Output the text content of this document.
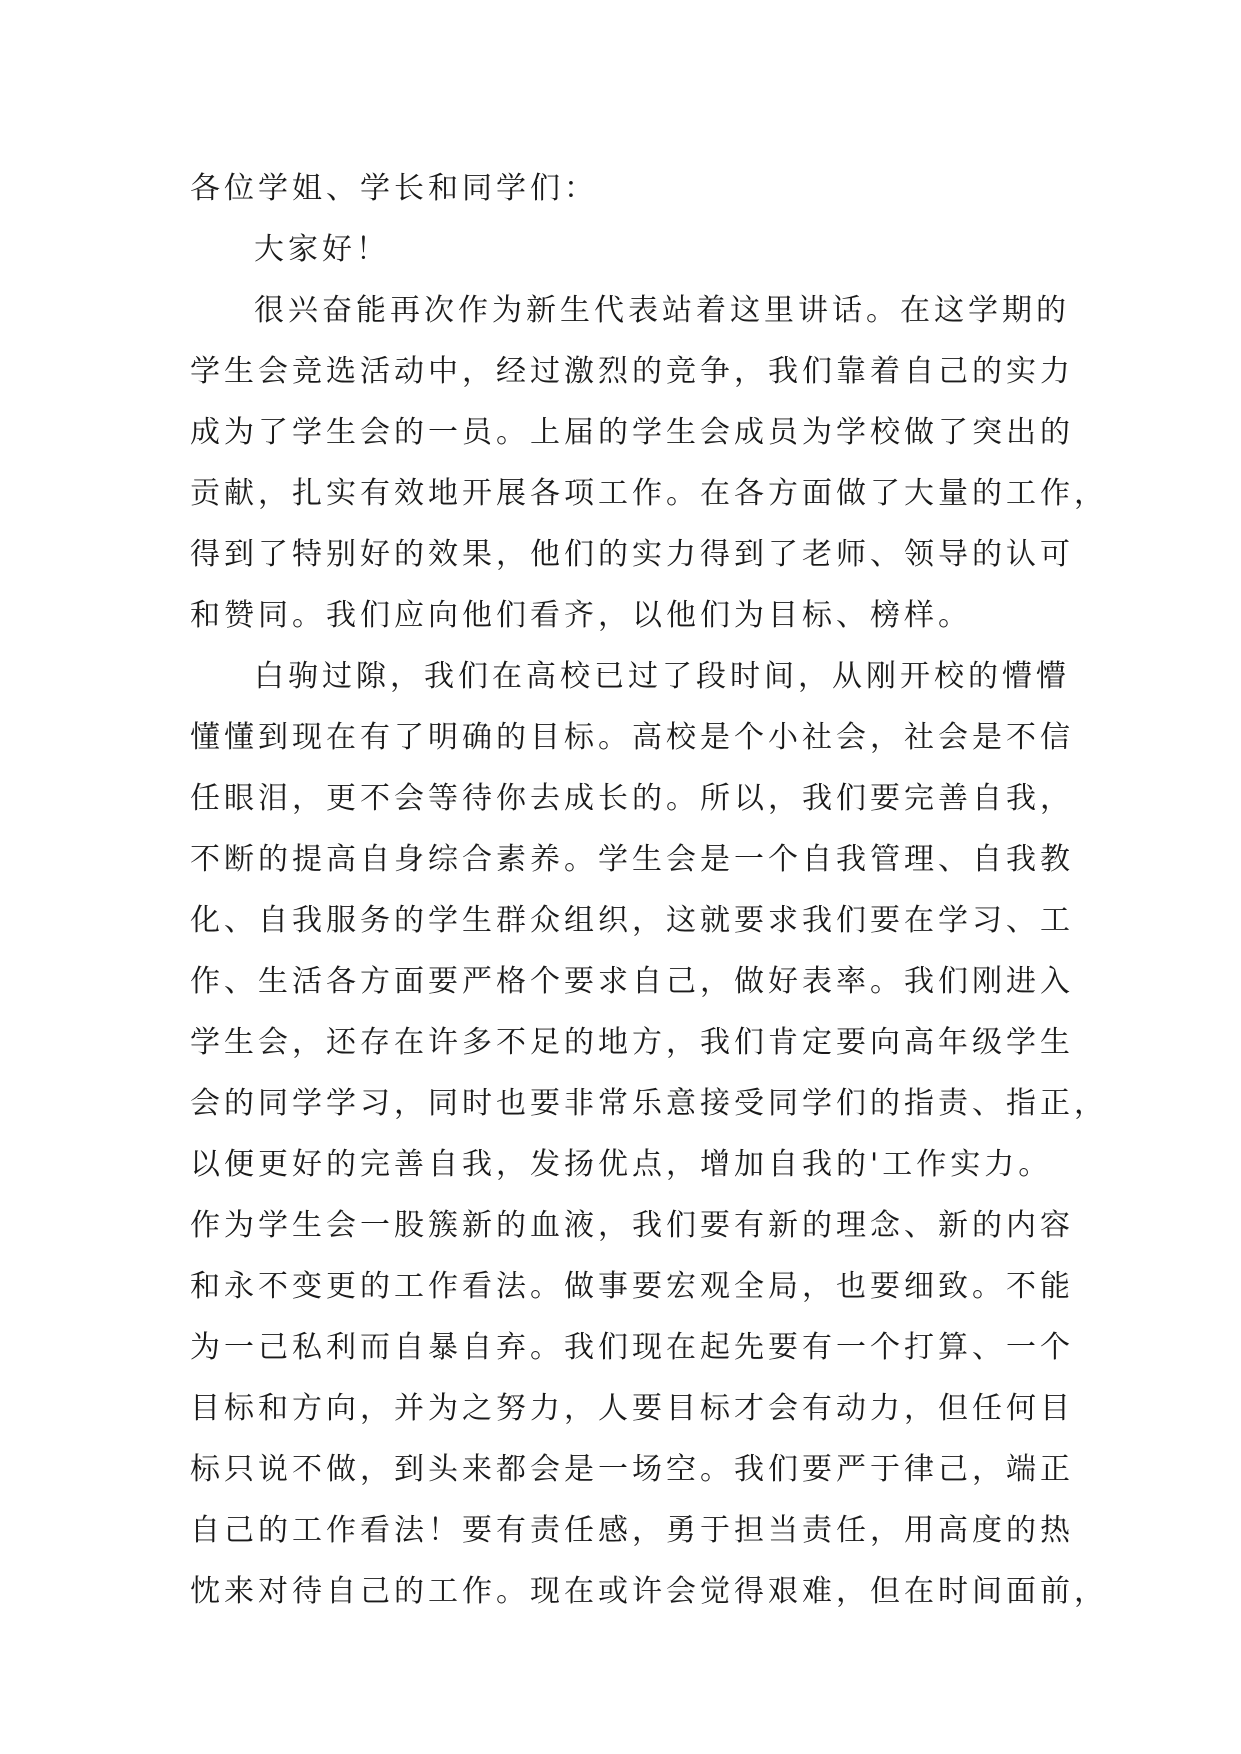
各位学姐、学长和同学们：
大家好！
很兴奋能再次作为新生代表站着这里讲话。在这学期的
学生会竞选活动中，经过激烈的竞争，我们靠着自己的实力
成为了学生会的一员。上届的学生会成员为学校做了突出的
贡献，扎实有效地开展各项工作。在各方面做了大量的工作，
得到了特别好的效果，他们的实力得到了老师、领导的认可
和赞同。我们应向他们看齐，以他们为目标、榜样。
白驹过隙，我们在高校已过了段时间，从刚开校的懵懵
懂懂到现在有了明确的目标。高校是个小社会，社会是不信
任眼泪，更不会等待你去成长的。所以，我们要完善自我，
不断的提高自身综合素养。学生会是一个自我管理、自我教
化、自我服务的学生群众组织，这就要求我们要在学习、工
作、生活各方面要严格个要求自己，做好表率。我们刚进入
学生会，还存在许多不足的地方，我们肯定要向高年级学生
会的同学学习，同时也要非常乐意接受同学们的指责、指正，
以便更好的完善自我，发扬优点，增加自我的'工作实力。
作为学生会一股簇新的血液，我们要有新的理念、新的内容
和永不变更的工作看法。做事要宏观全局，也要细致。不能
为一己私利而自暴自弃。我们现在起先要有一个打算、一个
目标和方向，并为之努力，人要目标才会有动力，但任何目
标只说不做，到头来都会是一场空。我们要严于律己，端正
自己的工作看法！要有责任感，勇于担当责任，用高度的热
忱来对待自己的工作。现在或许会觉得艰难，但在时间面前，
